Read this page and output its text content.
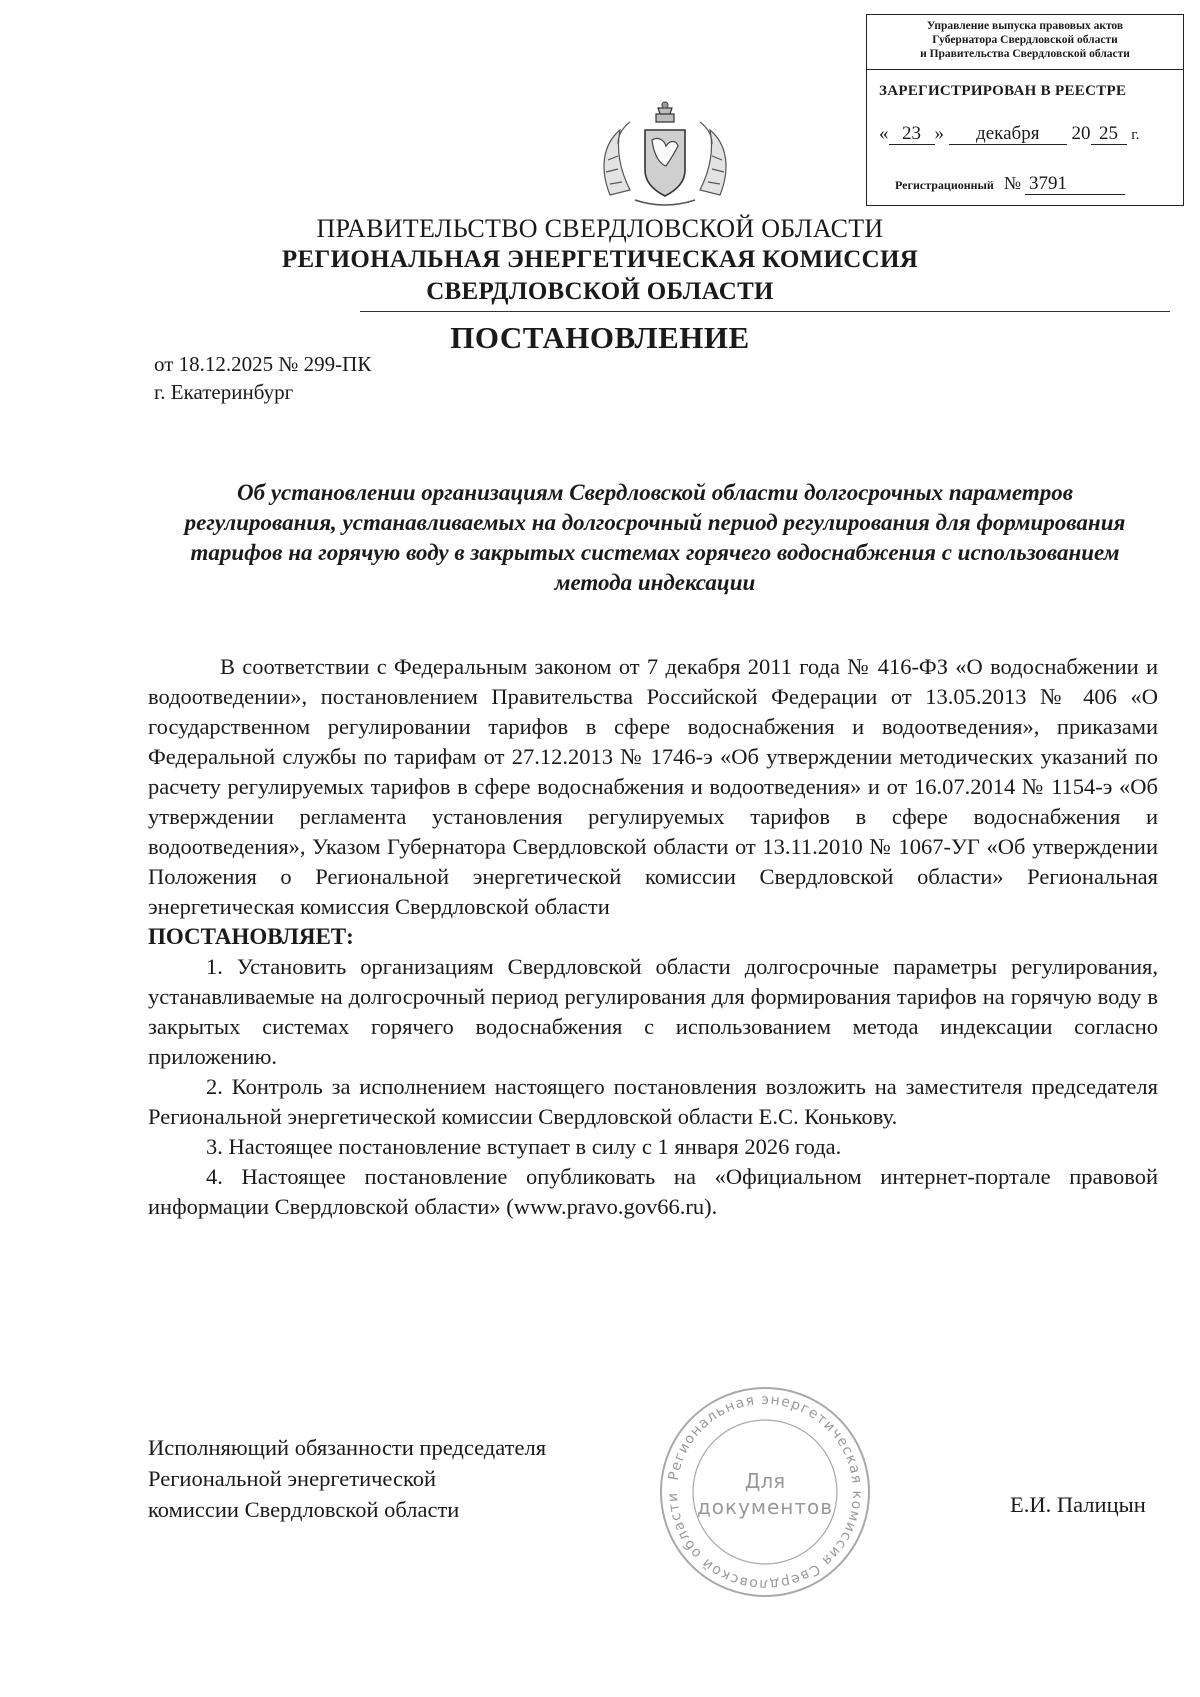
Управление выпуска правовых актов
Губернатора Свердловской области
и Правительства Свердловской области
ЗАРЕГИСТРИРОВАН В РЕЕСТРЕ
« 23 » декабря 20 25 г.
Регистрационный № 3791
ПРАВИТЕЛЬСТВО СВЕРДЛОВСКОЙ ОБЛАСТИ
РЕГИОНАЛЬНАЯ ЭНЕРГЕТИЧЕСКАЯ КОМИССИЯ
СВЕРДЛОВСКОЙ ОБЛАСТИ
ПОСТАНОВЛЕНИЕ
от 18.12.2025 № 299-ПК
г. Екатеринбург
Об установлении организациям Свердловской области долгосрочных параметров регулирования, устанавливаемых на долгосрочный период регулирования для формирования тарифов на горячую воду в закрытых системах горячего водоснабжения с использованием метода индексации

В соответствии с Федеральным законом от 7 декабря 2011 года № 416-ФЗ «О водоснабжении и водоотведении», постановлением Правительства Российской Федерации от 13.05.2013 № 406 «О государственном регулировании тарифов в сфере водоснабжения и водоотведения», приказами Федеральной службы по тарифам от 27.12.2013 № 1746-э «Об утверждении методических указаний по расчету регулируемых тарифов в сфере водоснабжения и водоотведения» и от 16.07.2014 № 1154-э «Об утверждении регламента установления регулируемых тарифов в сфере водоснабжения и водоотведения», Указом Губернатора Свердловской области от 13.11.2010 № 1067-УГ «Об утверждении Положения о Региональной энергетической комиссии Свердловской области» Региональная энергетическая комиссия Свердловской области

ПОСТАНОВЛЯЕТ:

1. Установить организациям Свердловской области долгосрочные параметры регулирования, устанавливаемые на долгосрочный период регулирования для формирования тарифов на горячую воду в закрытых системах горячего водоснабжения с использованием метода индексации согласно приложению.

2. Контроль за исполнением настоящего постановления возложить на заместителя председателя Региональной энергетической комиссии Свердловской области Е.С. Конькову.

3. Настоящее постановление вступает в силу с 1 января 2026 года.

4. Настоящее постановление опубликовать на «Официальном интернет-портале правовой информации Свердловской области» (www.pravo.gov66.ru).

Исполняющий обязанности председателя
Региональной энергетической
комиссии Свердловской области	Е.И. Палицын
Региональная энергетическая комиссия Свердловской области
Для
документов
